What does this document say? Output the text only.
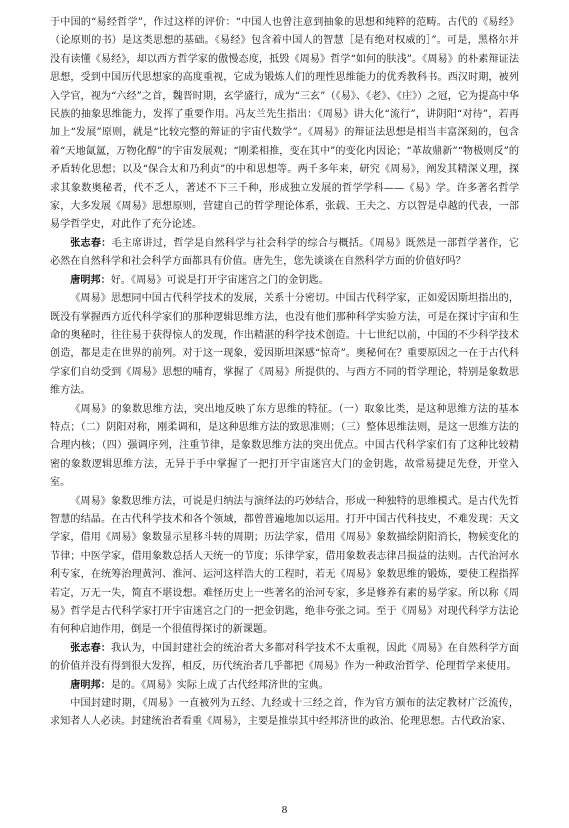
于中国的“易经哲学”，作过这样的评价：“中国人也曾注意到抽象的思想和纯粹的范畴。古代的《易经》（论原则的书）是这类思想的基础。《易经》包含着中国人的智慧［是有绝对权威的］”。可是，黑格尔并没有读懂《易经》，却以西方哲学家的傲慢态度，抵毁《周易》哲学“如何的肤浅”。《周易》的朴素辩证法思想，受到中国历代思想家的高度重视，它成为锻炼人们的理性思维能力的优秀教科书。西汉时期，被列入学官，视为“六经”之首，魏晋时期，玄学盛行，成为“三玄”（《易》、《老》、《庄》）之冠，它为提高中华民族的抽象思维能力，发挥了重要作用。冯友兰先生指出：《周易》讲大化“流行”，讲阴阳“对待”，若再加上“发展”原则，就是“比较完整的辩证的宇宙代数学”。《周易》的辩证法思想是相当丰富深刻的，包含着“天地氤氲，万物化醇”的宇宙发展观；“刚柔相推，变在其中”的变化内因论；“革故鼎新”“物极则反”的矛盾转化思想；以及“保合太和乃利贞”的中和思想等。两千多年来，研究《周易》，阐发其精深义理，探求其象数奥秘者，代不乏人，著述不下三千种，形成独立发展的哲学学科——《易》学。许多著名哲学家，大多发展《周易》思想原则，营建自己的哲学理论体系，张载、王夫之、方以智是卓越的代表，一部易学哲学史，对此作了充分论述。

张志春：毛主席讲过，哲学是自然科学与社会科学的综合与概括。《周易》既然是一部哲学著作，它必然在自然科学和社会科学方面都具有价值。唐先生，您先谈谈在自然科学方面的价值好吗？

唐明邦：好。《周易》可说是打开宇宙迷宫之门的金钥匙。

《周易》思想同中国古代科学技术的发展，关系十分密切。中国古代科学家，正如爱因斯坦指出的，既没有掌握西方近代科学家们的那种逻辑思维方法，也没有他们那种科学实验方法，可是在探讨宇宙和生命的奥秘时，往往易于获得惊人的发现，作出精湛的科学技术创造。十七世纪以前，中国的不少科学技术创造，都是走在世界的前列。对于这一现象，爱因斯坦深感“惊奇”。奥秘何在？重要原因之一在于古代科学家们自幼受到《周易》思想的哺育，掌握了《周易》所提供的、与西方不同的哲学理论，特别是象数思维方法。

《周易》的象数思维方法，突出地反映了东方思维的特征。（一）取象比类，是这种思维方法的基本特点；（二）阴阳对称，刚柔调和，是这种思维方法的致思准则；（三）整体思维法则，是这一思维方法的合理内核；（四）强调序列，注重节律，是象数思维方法的突出优点。中国古代科学家们有了这种比较精密的象数逻辑思维方法，无异于手中掌握了一把打开宇宙迷宫大门的金钥匙，故常易捷足先登，开堂入室。

《周易》象数思维方法，可说是归纳法与演绎法的巧妙结合，形成一种独特的思维模式。是古代先哲智慧的结晶。在古代科学技术和各个领域，都曾普遍地加以运用。打开中国古代科技史，不难发现：天文学家，借用《周易》象数显示星移斗转的周期；历法学家，借用《周易》象数描绘阴阳消长，物候变化的节律；中医学家，借用象数总括人天统一的节度；乐律学家，借用象数表志律吕损益的法则。古代治河水利专家，在统筹治理黄河、淮河、运河这样浩大的工程时，若无《周易》象数思维的锻炼，要使工程指挥若定，万无一失，简直不堪设想。难怪历史上一些著名的治河专家，多是修养有素的易学家。所以称《周易》哲学是古代科学家打开宇宙迷宫之门的一把金钥匙，绝非夸张之词。至于《周易》对现代科学方法论有何种启迪作用，倒是一个很值得探讨的新课题。

张志春：我认为，中国封建社会的统治者大多都对科学技术不太重视，因此《周易》在自然科学方面的价值并没有得到很大发挥，相反，历代统治者几乎都把《周易》作为一种政治哲学、伦理哲学来使用。

唐明邦：是的。《周易》实际上成了古代经邦济世的宝典。

中国封建时期，《周易》一直被列为五经、九经或十三经之首，作为官方颁布的法定教材广泛流传，求知者人人必读。封建统治者看重《周易》，主要是推崇其中经邦济世的政治、伦理思想。古代政治家、

8
